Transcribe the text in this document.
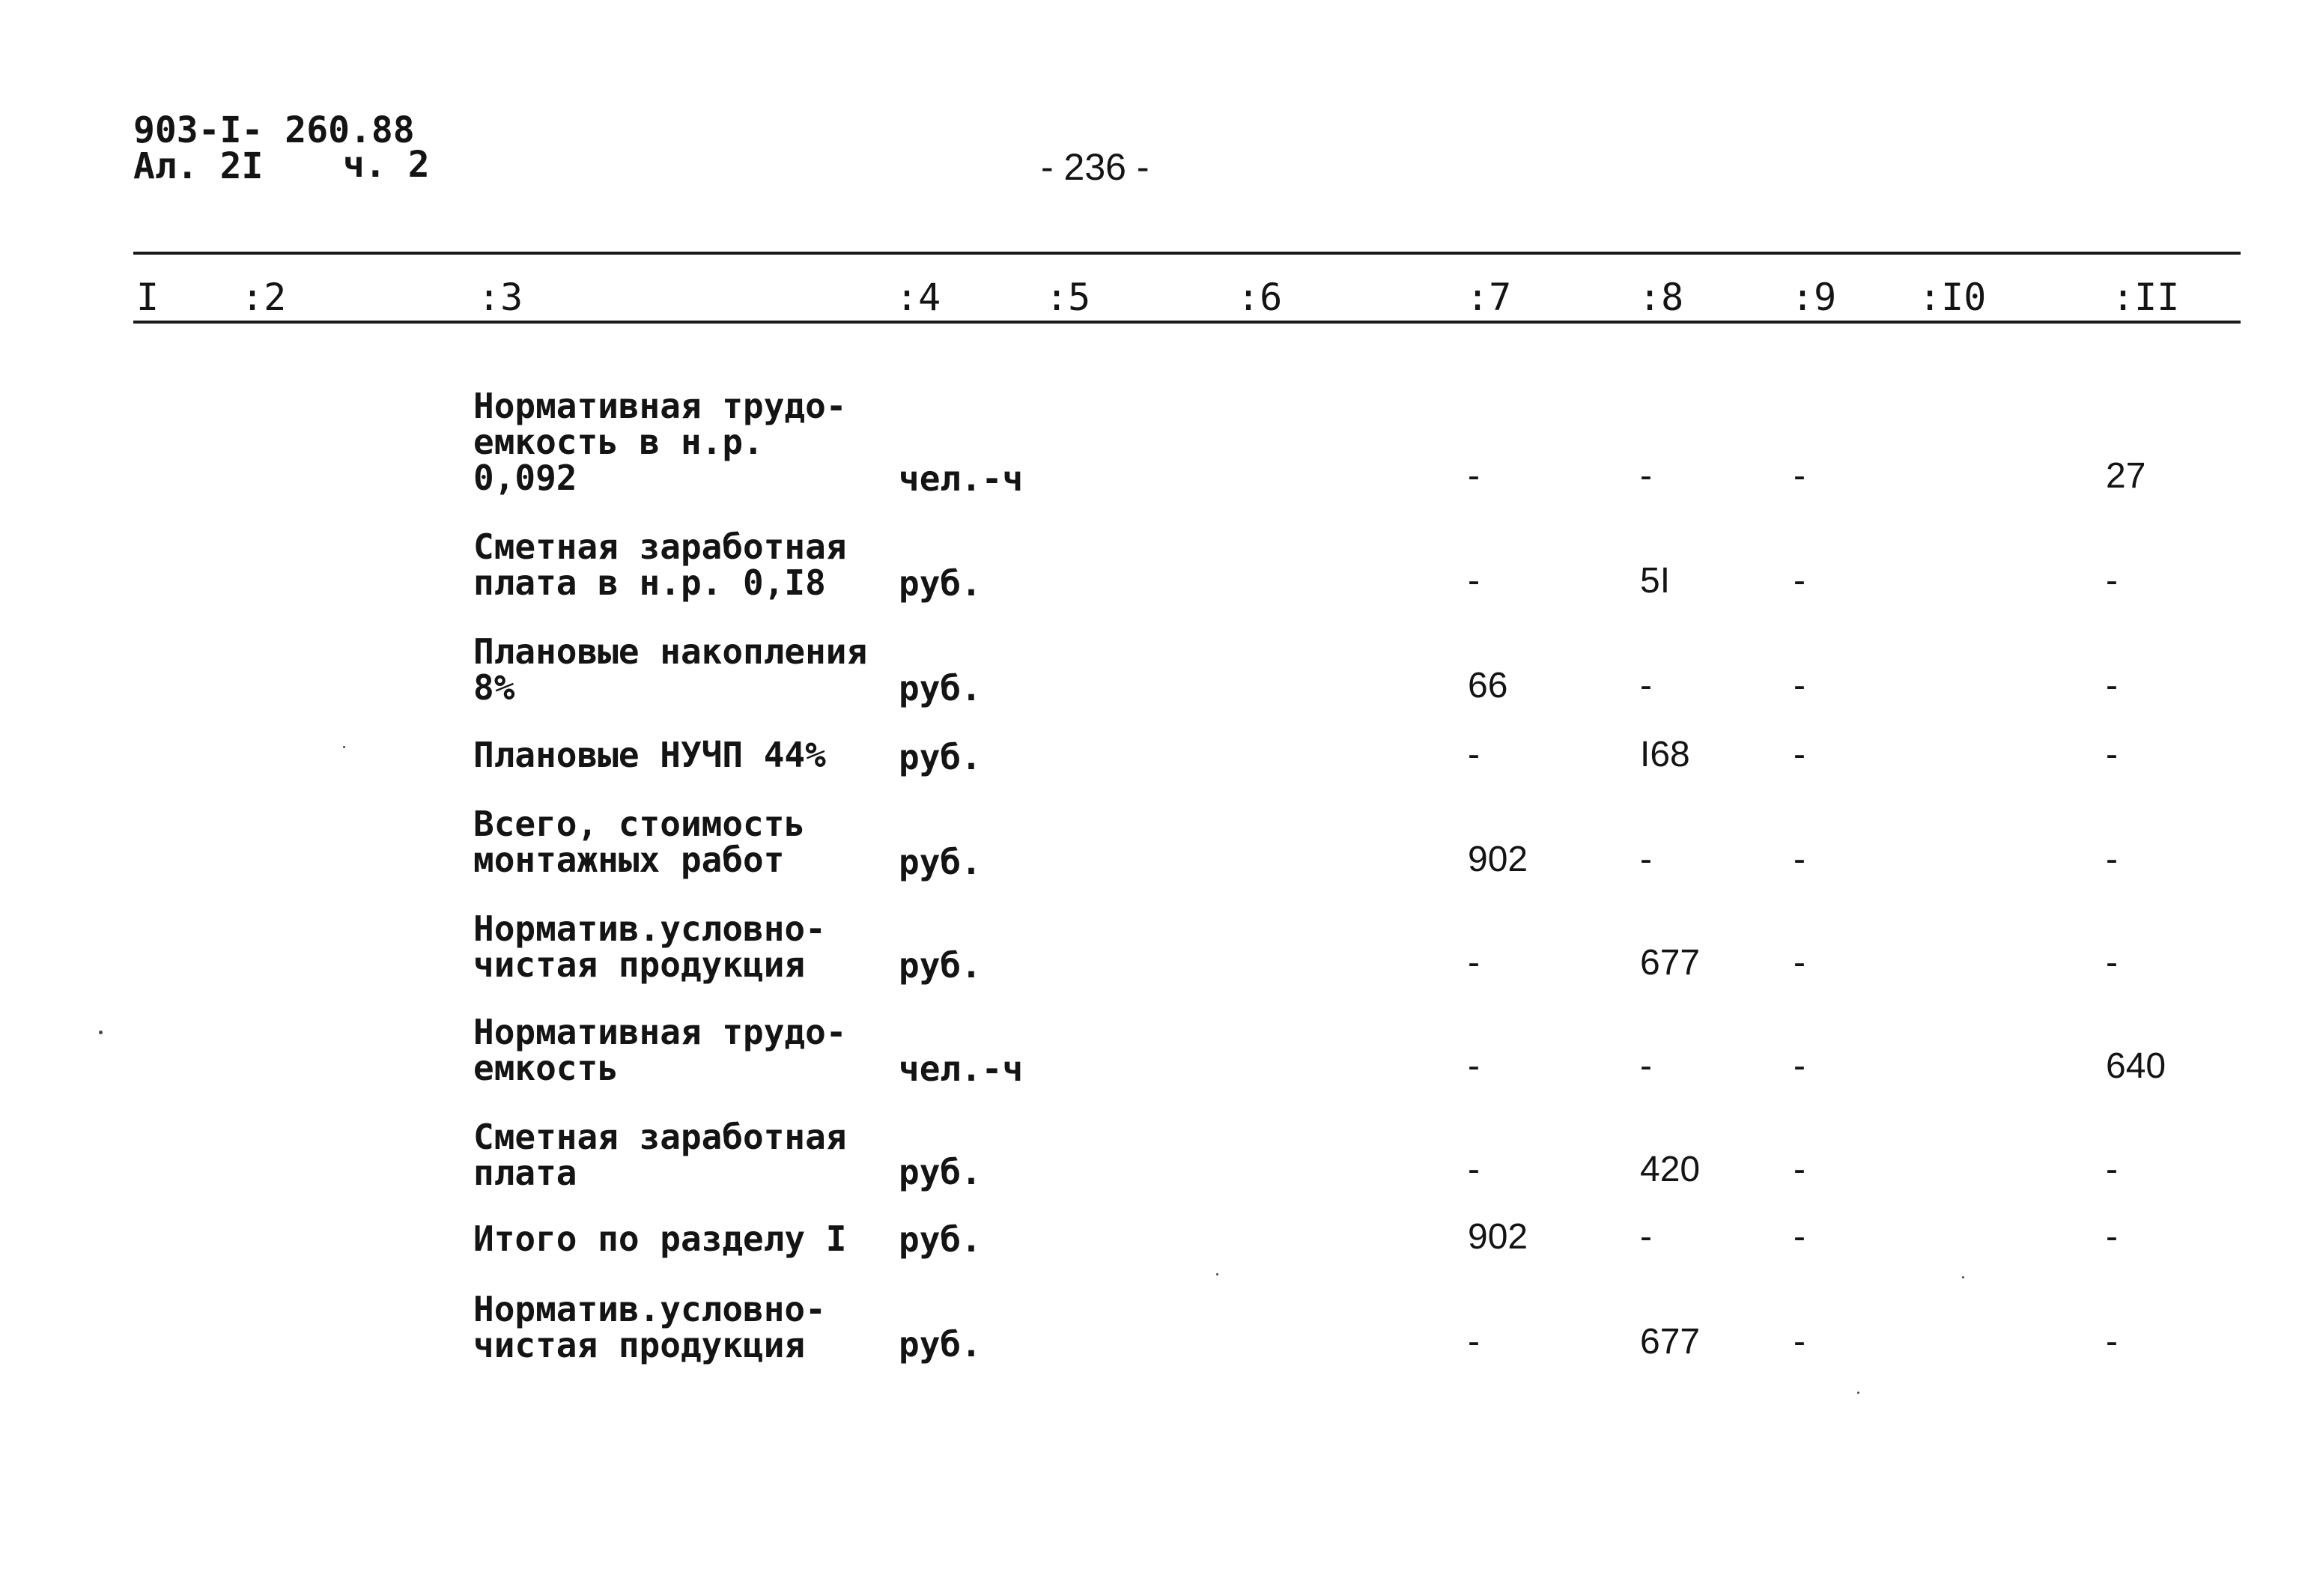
903-I- 260.88
Ал. 2I ч. 2	- 236 -
I :2	:3	:4	:5	:6	:7	:8	:9 :I0	:II
Нормативная трудо-
емкость в н.р.
0,092	чел.-ч	-	-	-	27
Сметная заработная
плата в н.р. 0,I8	руб.	-	5I	-	-
Плановые накопления
8%	руб.	66	-	-	-
Плановые НУЧП 44% руб.	-	I68	-	-
Всего, стоимость
монтажных работ	руб.	902	-	-	-
Норматив.условно-
чистая продукция	руб.	-	677	-	-
Нормативная трудо-
емкость	чел.-ч	-	-	-	640
Сметная заработная
плата	руб.	-	420	-	-
Итого по разделу I руб.	902	-	-	-
Норматив.условно-
чистая продукция	руб.	-	677	-	-
